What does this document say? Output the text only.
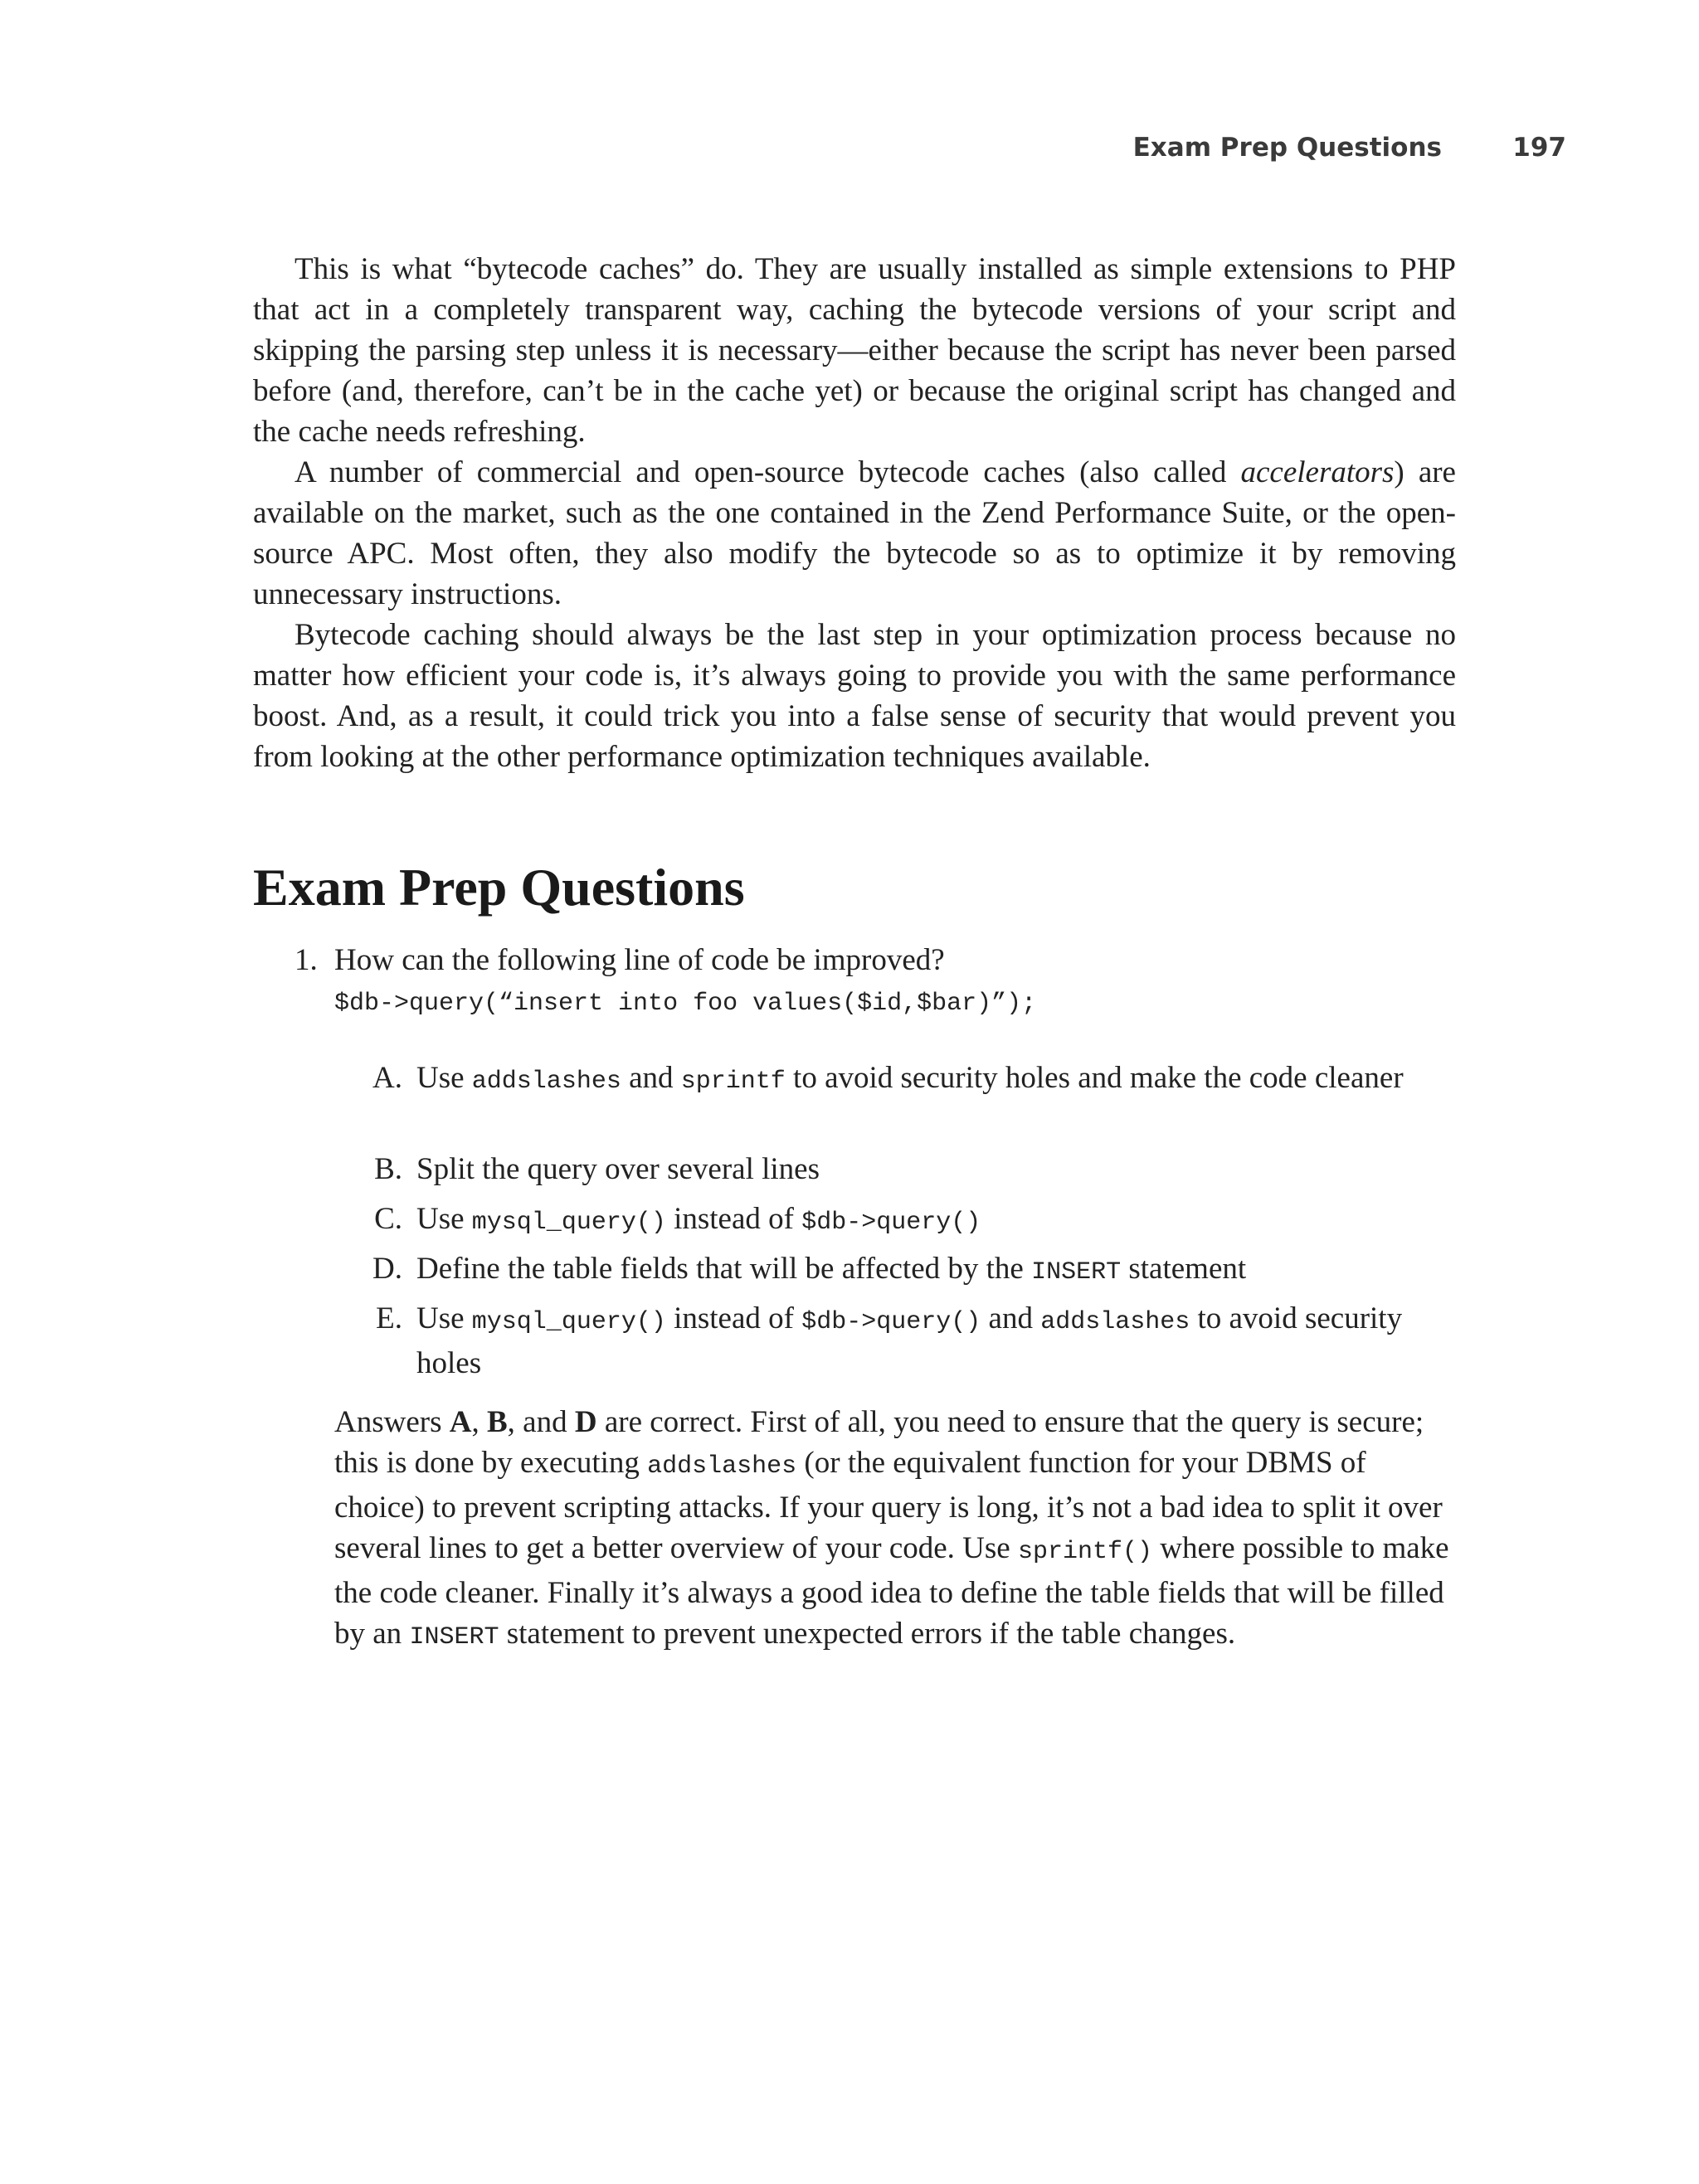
Exam Prep Questions	197

This is what “bytecode caches” do. They are usually installed as simple extensions to PHP that act in a completely transparent way, caching the bytecode versions of your script and skipping the parsing step unless it is necessary—either because the script has never been parsed before (and, therefore, can’t be in the cache yet) or because the original script has changed and the cache needs refreshing.

A number of commercial and open-source bytecode caches (also called accelerators) are available on the market, such as the one contained in the Zend Performance Suite, or the open-source APC. Most often, they also modify the bytecode so as to optimize it by removing unnecessary instructions.

Bytecode caching should always be the last step in your optimization process because no matter how efficient your code is, it’s always going to provide you with the same performance boost. And, as a result, it could trick you into a false sense of security that would prevent you from looking at the other performance optimization techniques available.

Exam Prep Questions
1. How can the following line of code be improved?
$db->query(“insert into foo values($id,$bar)”);
A. Use addslashes and sprintf to avoid security holes and make the code cleaner
B. Split the query over several lines
C. Use mysql_query() instead of $db->query()
D. Define the table fields that will be affected by the INSERT statement
E. Use mysql_query() instead of $db->query() and addslashes to avoid security holes

Answers A, B, and D are correct. First of all, you need to ensure that the query is secure; this is done by executing addslashes (or the equivalent function for your DBMS of choice) to prevent scripting attacks. If your query is long, it’s not a bad idea to split it over several lines to get a better overview of your code. Use sprintf() where possible to make the code cleaner. Finally it’s always a good idea to define the table fields that will be filled by an INSERT statement to prevent unexpected errors if the table changes.
